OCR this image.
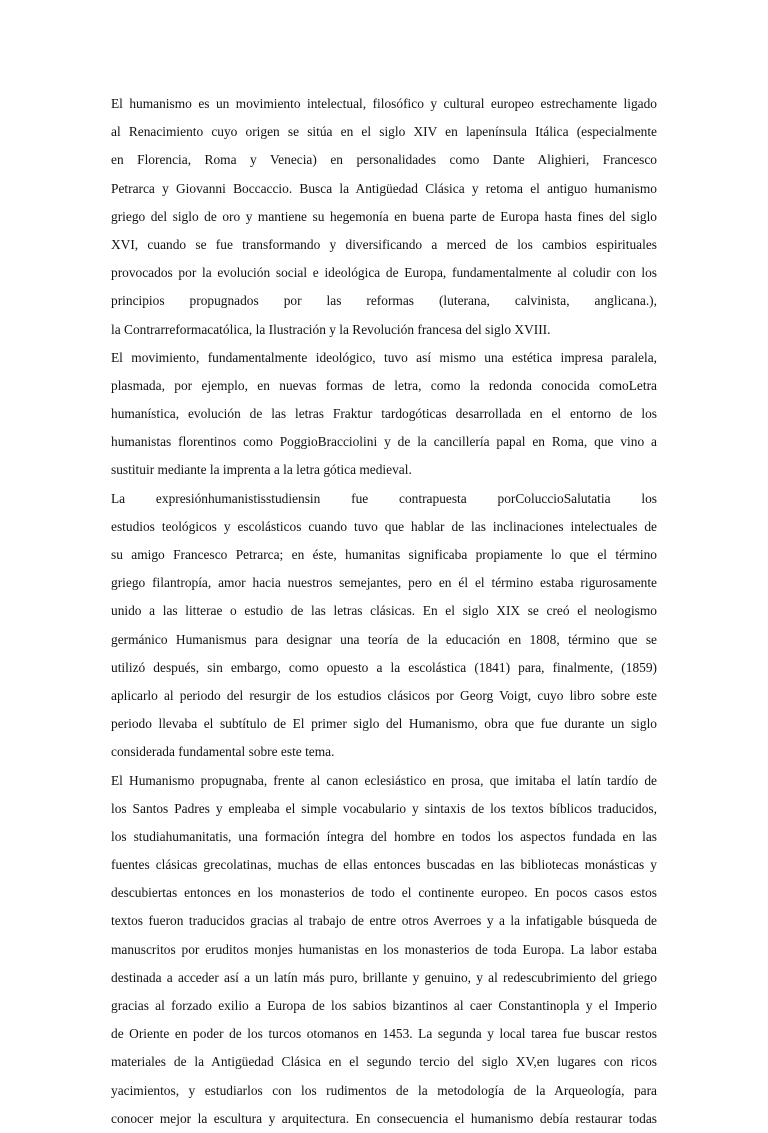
El humanismo es un movimiento intelectual, filosófico y cultural europeo estrechamente ligado
al Renacimiento cuyo origen se sitúa en el siglo XIV en lapenínsula Itálica (especialmente
en Florencia, Roma y Venecia) en personalidades como Dante Alighieri, Francesco
Petrarca y Giovanni Boccaccio. Busca la Antigüedad Clásica y retoma el antiguo humanismo
griego del siglo de oro y mantiene su hegemonía en buena parte de Europa hasta fines del siglo
XVI, cuando se fue transformando y diversificando a merced de los cambios espirituales
provocados por la evolución social e ideológica de Europa, fundamentalmente al coludir con los
principios propugnados por las reformas (luterana, calvinista, anglicana.),
la Contrarreformacatólica, la Ilustración y la Revolución francesa del siglo XVIII.
El movimiento, fundamentalmente ideológico, tuvo así mismo una estética impresa paralela,
plasmada, por ejemplo, en nuevas formas de letra, como la redonda conocida comoLetra
humanística, evolución de las letras Fraktur tardogóticas desarrollada en el entorno de los
humanistas florentinos como PoggioBracciolini y de la cancillería papal en Roma, que vino a
sustituir mediante la imprenta a la letra gótica medieval.
La expresiónhumanistisstudiensin fue contrapuesta porColuccioSalutatia los
estudios teológicos y escolásticos cuando tuvo que hablar de las inclinaciones intelectuales de
su amigo Francesco Petrarca; en éste, humanitas significaba propiamente lo que el término
griego filantropía, amor hacia nuestros semejantes, pero en él el término estaba rigurosamente
unido a las litterae o estudio de las letras clásicas. En el siglo XIX se creó el neologismo
germánico Humanismus para designar una teoría de la educación en 1808, término que se
utilizó después, sin embargo, como opuesto a la escolástica (1841) para, finalmente, (1859)
aplicarlo al periodo del resurgir de los estudios clásicos por Georg Voigt, cuyo libro sobre este
periodo llevaba el subtítulo de El primer siglo del Humanismo, obra que fue durante un siglo
considerada fundamental sobre este tema.
El Humanismo propugnaba, frente al canon eclesiástico en prosa, que imitaba el latín tardío de
los Santos Padres y empleaba el simple vocabulario y sintaxis de los textos bíblicos traducidos,
los studiahumanitatis, una formación íntegra del hombre en todos los aspectos fundada en las
fuentes clásicas grecolatinas, muchas de ellas entonces buscadas en las bibliotecas monásticas y
descubiertas entonces en los monasterios de todo el continente europeo. En pocos casos estos
textos fueron traducidos gracias al trabajo de entre otros Averroes y a la infatigable búsqueda de
manuscritos por eruditos monjes humanistas en los monasterios de toda Europa. La labor estaba
destinada a acceder así a un latín más puro, brillante y genuino, y al redescubrimiento del griego
gracias al forzado exilio a Europa de los sabios bizantinos al caer Constantinopla y el Imperio
de Oriente en poder de los turcos otomanos en 1453. La segunda y local tarea fue buscar restos
materiales de la Antigüedad Clásica en el segundo tercio del siglo XV,en lugares con ricos
yacimientos, y estudiarlos con los rudimentos de la metodología de la Arqueología, para
conocer mejor la escultura y arquitectura. En consecuencia el humanismo debía restaurar todas
